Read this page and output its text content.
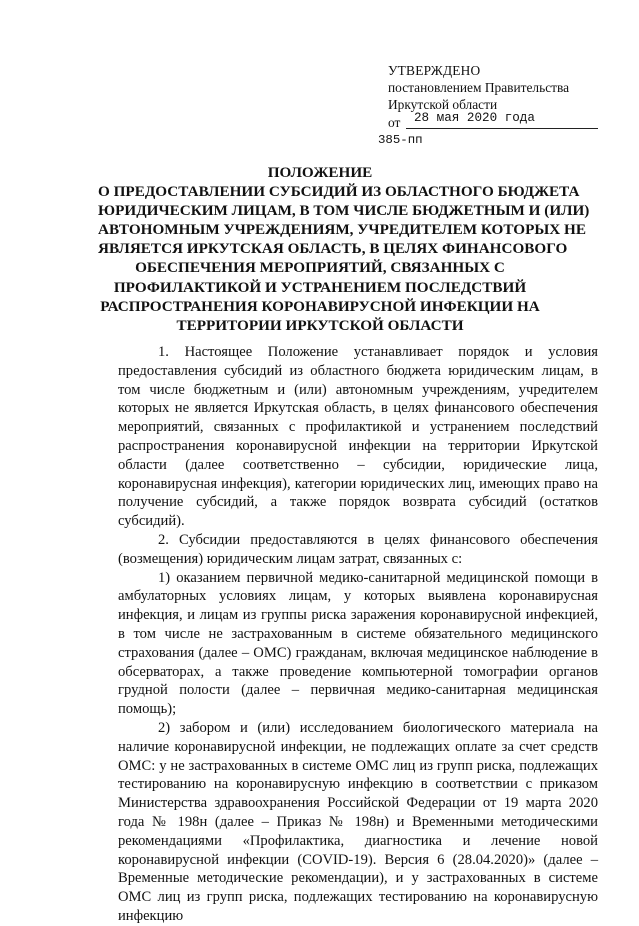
УТВЕРЖДЕНО
постановлением Правительства
Иркутской области
от 28 мая 2020 года
385-пп
ПОЛОЖЕНИЕ
О ПРЕДОСТАВЛЕНИИ СУБСИДИЙ ИЗ ОБЛАСТНОГО БЮДЖЕТА
ЮРИДИЧЕСКИМ ЛИЦАМ, В ТОМ ЧИСЛЕ БЮДЖЕТНЫМ И (ИЛИ)
АВТОНОМНЫМ УЧРЕЖДЕНИЯМ, УЧРЕДИТЕЛЕМ КОТОРЫХ НЕ
ЯВЛЯЕТСЯ ИРКУТСКАЯ ОБЛАСТЬ, В ЦЕЛЯХ ФИНАНСОВОГО
ОБЕСПЕЧЕНИЯ МЕРОПРИЯТИЙ, СВЯЗАННЫХ С
ПРОФИЛАКТИКОЙ И УСТРАНЕНИЕМ ПОСЛЕДСТВИЙ
РАСПРОСТРАНЕНИЯ КОРОНАВИРУСНОЙ ИНФЕКЦИИ НА
ТЕРРИТОРИИ ИРКУТСКОЙ ОБЛАСТИ

1. Настоящее Положение устанавливает порядок и условия предоставления субсидий из областного бюджета юридическим лицам, в том числе бюджетным и (или) автономным учреждениям, учредителем которых не является Иркутская область, в целях финансового обеспечения мероприятий, связанных с профилактикой и устранением последствий распространения коронавирусной инфекции на территории Иркутской области (далее соответственно – субсидии, юридические лица, коронавирусная инфекция), категории юридических лиц, имеющих право на получение субсидий, а также порядок возврата субсидий (остатков субсидий).

2. Субсидии предоставляются в целях финансового обеспечения (возмещения) юридическим лицам затрат, связанных с:

1) оказанием первичной медико-санитарной медицинской помощи в амбулаторных условиях лицам, у которых выявлена коронавирусная инфекция, и лицам из группы риска заражения коронавирусной инфекцией, в том числе не застрахованным в системе обязательного медицинского страхования (далее – ОМС) гражданам, включая медицинское наблюдение в обсерваторах, а также проведение компьютерной томографии органов грудной полости (далее – первичная медико-санитарная медицинская помощь);

2) забором и (или) исследованием биологического материала на наличие коронавирусной инфекции, не подлежащих оплате за счет средств ОМС: у не застрахованных в системе ОМС лиц из групп риска, подлежащих тестированию на коронавирусную инфекцию в соответствии с приказом Министерства здравоохранения Российской Федерации от 19 марта 2020 года № 198н (далее – Приказ № 198н) и Временными методическими рекомендациями «Профилактика, диагностика и лечение новой коронавирусной инфекции (COVID-19). Версия 6 (28.04.2020)» (далее – Временные методические рекомендации), и у застрахованных в системе ОМС лиц из групп риска, подлежащих тестированию на коронавирусную инфекцию
